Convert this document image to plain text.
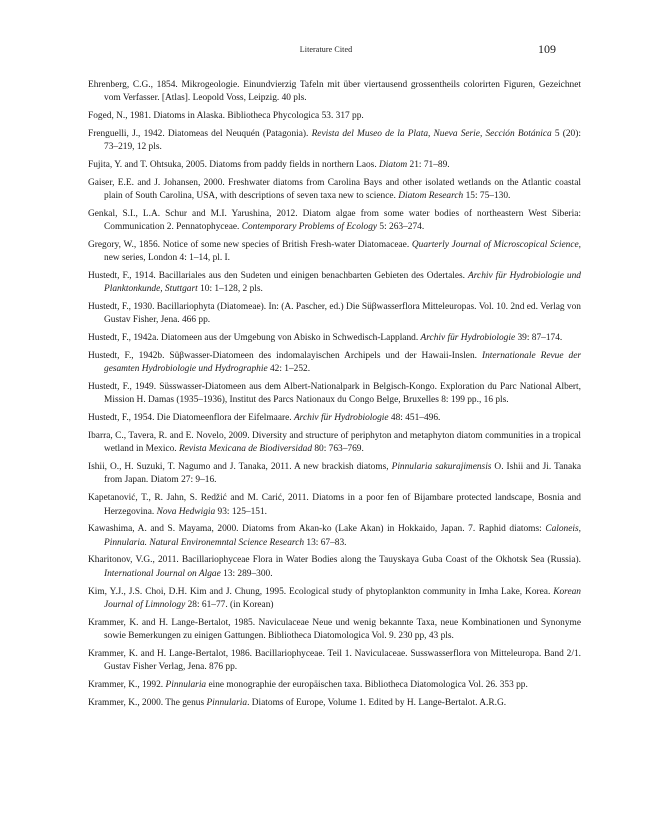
Literature Cited	109

Ehrenberg, C.G., 1854. Mikrogeologie. Einundvierzig Tafeln mit über viertausend grossentheils colorirten Figuren, Gezeichnet vom Verfasser. [Atlas]. Leopold Voss, Leipzig. 40 pls.

Foged, N., 1981. Diatoms in Alaska. Bibliotheca Phycologica 53. 317 pp.

Frenguelli, J., 1942. Diatomeas del Neuquén (Patagonia). Revista del Museo de la Plata, Nueva Serie, Sección Botánica 5 (20): 73–219, 12 pls.

Fujita, Y. and T. Ohtsuka, 2005. Diatoms from paddy fields in northern Laos. Diatom 21: 71–89.

Gaiser, E.E. and J. Johansen, 2000. Freshwater diatoms from Carolina Bays and other isolated wetlands on the Atlantic coastal plain of South Carolina, USA, with descriptions of seven taxa new to science. Diatom Research 15: 75–130.

Genkal, S.I., L.A. Schur and M.I. Yarushina, 2012. Diatom algae from some water bodies of northeastern West Siberia: Communication 2. Pennatophyceae. Contemporary Problems of Ecology 5: 263–274.

Gregory, W., 1856. Notice of some new species of British Fresh-water Diatomaceae. Quarterly Journal of Microscopical Science, new series, London 4: 1–14, pl. I.

Hustedt, F., 1914. Bacillariales aus den Sudeten und einigen benachbarten Gebieten des Odertales. Archiv für Hydrobiologie und Planktonkunde, Stuttgart 10: 1–128, 2 pls.

Hustedt, F., 1930. Bacillariophyta (Diatomeae). In: (A. Pascher, ed.) Die Süβwasserflora Mitteleuropas. Vol. 10. 2nd ed. Verlag von Gustav Fisher, Jena. 466 pp.

Hustedt, F., 1942a. Diatomeen aus der Umgebung von Abisko in Schwedisch-Lappland. Archiv für Hydrobiologie 39: 87–174.

Hustedt, F., 1942b. Süβwasser-Diatomeen des indomalayischen Archipels und der Hawaii-Inslen. Internationale Revue der gesamten Hydrobiologie und Hydrographie 42: 1–252.

Hustedt, F., 1949. Süsswasser-Diatomeen aus dem Albert-Nationalpark in Belgisch-Kongo. Exploration du Parc National Albert, Mission H. Damas (1935–1936), Institut des Parcs Nationaux du Congo Belge, Bruxelles 8: 199 pp., 16 pls.

Hustedt, F., 1954. Die Diatomeenflora der Eifelmaare. Archiv für Hydrobiologie 48: 451–496.

Ibarra, C., Tavera, R. and E. Novelo, 2009. Diversity and structure of periphyton and metaphyton diatom communities in a tropical wetland in Mexico. Revista Mexicana de Biodiversidad 80: 763–769.

Ishii, O., H. Suzuki, T. Nagumo and J. Tanaka, 2011. A new brackish diatoms, Pinnularia sakurajimensis O. Ishii and Ji. Tanaka from Japan. Diatom 27: 9–16.

Kapetanović, T., R. Jahn, S. Redžić and M. Carić, 2011. Diatoms in a poor fen of Bijambare protected landscape, Bosnia and Herzegovina. Nova Hedwigia 93: 125–151.

Kawashima, A. and S. Mayama, 2000. Diatoms from Akan-ko (Lake Akan) in Hokkaido, Japan. 7. Raphid diatoms: Caloneis, Pinnularia. Natural Environemntal Science Research 13: 67–83.

Kharitonov, V.G., 2011. Bacillariophyceae Flora in Water Bodies along the Tauyskaya Guba Coast of the Okhotsk Sea (Russia). International Journal on Algae 13: 289–300.

Kim, Y.J., J.S. Choi, D.H. Kim and J. Chung, 1995. Ecological study of phytoplankton community in Imha Lake, Korea. Korean Journal of Limnology 28: 61–77. (in Korean)

Krammer, K. and H. Lange-Bertalot, 1985. Naviculaceae Neue und wenig bekannte Taxa, neue Kombinationen und Synonyme sowie Bemerkungen zu einigen Gattungen. Bibliotheca Diatomologica Vol. 9. 230 pp, 43 pls.

Krammer, K. and H. Lange-Bertalot, 1986. Bacillariophyceae. Teil 1. Naviculaceae. Susswasserflora von Mitteleuropa. Band 2/1. Gustav Fisher Verlag, Jena. 876 pp.

Krammer, K., 1992. Pinnularia eine monographie der europäischen taxa. Bibliotheca Diatomologica Vol. 26. 353 pp.

Krammer, K., 2000. The genus Pinnularia. Diatoms of Europe, Volume 1. Edited by H. Lange-Bertalot. A.R.G.
